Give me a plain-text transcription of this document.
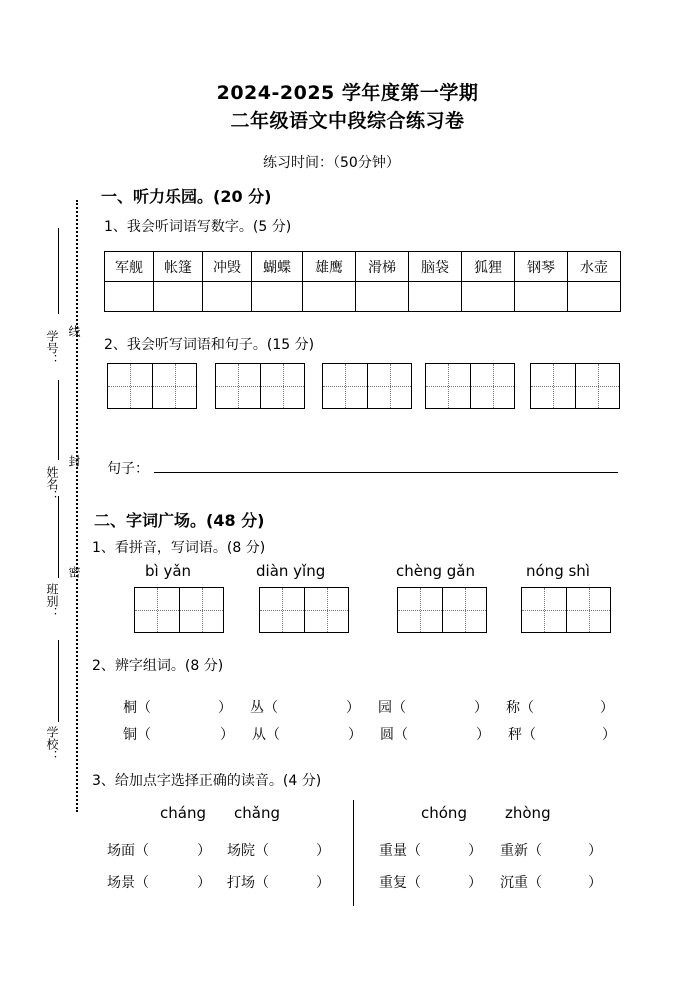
2024-2025 学年度第一学期
二年级语文中段综合练习卷
练习时间：（50分钟）
学号： 线
姓名：
封
班别：
密
学校：
一、听力乐园。(20 分)
1、我会听词语写数字。(5 分)
军舰	帐篷	冲毁	蝴蝶	雄鹰	滑梯	脑袋	狐狸	钢琴	水壶

2、我会听写词语和句子。(15 分)
句子：
二、字词广场。(48 分)
1、看拼音，写词语。(8 分)
bì yǎn	diàn yǐng	chèng gǎn	nóng shì
2、辨字组词。(8 分)
桐（	） 丛（	） 园（	） 称（	）
铜（	） 从（	） 圆（	） 秤（	）
3、给加点字选择正确的读音。(4 分)
cháng chǎng	chóng	zhòng
场面（	） 场院（	）	重量（	） 重新（	）
场景（	） 打场（	）	重复（	） 沉重（	）
